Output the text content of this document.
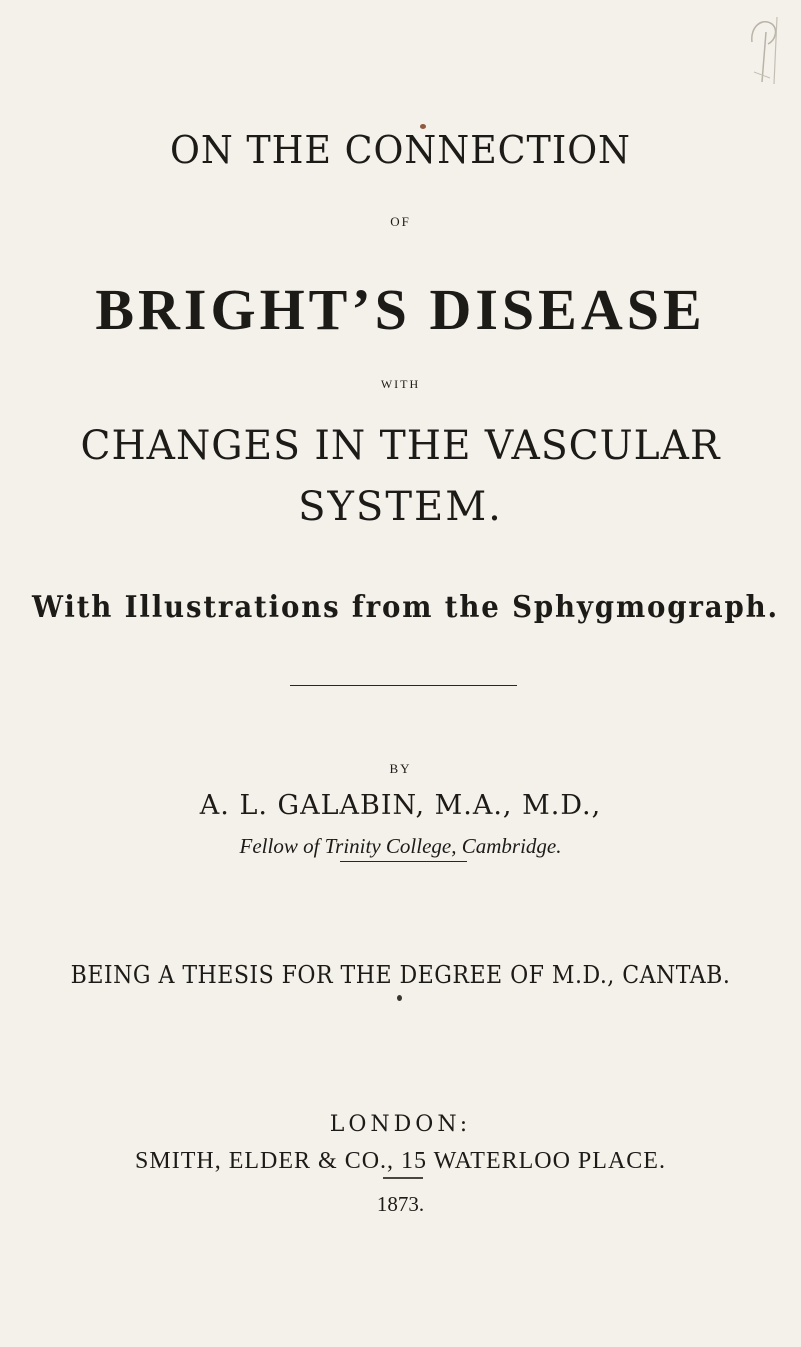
ON THE CONNECTION
OF
BRIGHT’S DISEASE
WITH
CHANGES IN THE VASCULAR
SYSTEM.
With Illustrations from the Sphygmograph.
BY
A. L. GALABIN, M.A., M.D.,
Fellow of Trinity College, Cambridge.
BEING A THESIS FOR THE DEGREE OF M.D., CANTAB.
LONDON:
SMITH, ELDER & CO., 15 WATERLOO PLACE.
1873.
